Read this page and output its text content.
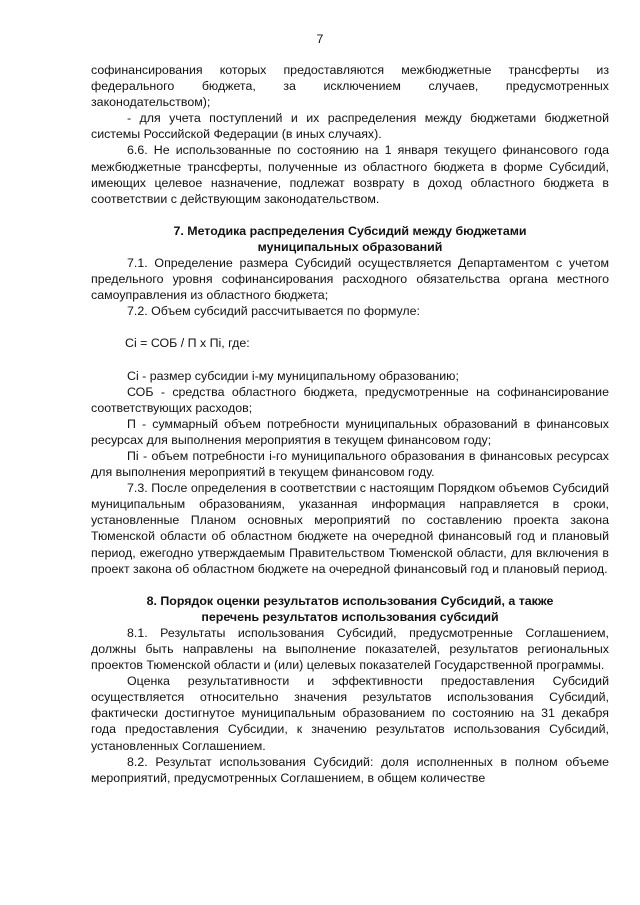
7

софинансирования которых предоставляются межбюджетные трансферты из федерального бюджета, за исключением случаев, предусмотренных законодательством);

- для учета поступлений и их распределения между бюджетами бюджетной системы Российской Федерации (в иных случаях).

6.6. Не использованные по состоянию на 1 января текущего финансового года межбюджетные трансферты, полученные из областного бюджета в форме Субсидий, имеющих целевое назначение, подлежат возврату в доход областного бюджета в соответствии с действующим законодательством.

7. Методика распределения Субсидий между бюджетами
муниципальных образований

7.1. Определение размера Субсидий осуществляется Департаментом с учетом предельного уровня софинансирования расходного обязательства органа местного самоуправления из областного бюджета;

7.2. Объем субсидий рассчитывается по формуле:

Ci = СОБ / П x Пi, где:

Ci - размер субсидии i-му муниципальному образованию;

СОБ - средства областного бюджета, предусмотренные на софинансирование соответствующих расходов;

П - суммарный объем потребности муниципальных образований в финансовых ресурсах для выполнения мероприятия в текущем финансовом году;

Пi - объем потребности i-го муниципального образования в финансовых ресурсах для выполнения мероприятий в текущем финансовом году.

7.3. После определения в соответствии с настоящим Порядком объемов Субсидий муниципальным образованиям, указанная информация направляется в сроки, установленные Планом основных мероприятий по составлению проекта закона Тюменской области об областном бюджете на очередной финансовый год и плановый период, ежегодно утверждаемым Правительством Тюменской области, для включения в проект закона об областном бюджете на очередной финансовый год и плановый период.

8. Порядок оценки результатов использования Субсидий, а также
перечень результатов использования субсидий

8.1. Результаты использования Субсидий, предусмотренные Соглашением, должны быть направлены на выполнение показателей, результатов региональных проектов Тюменской области и (или) целевых показателей Государственной программы.

Оценка результативности и эффективности предоставления Субсидий осуществляется относительно значения результатов использования Субсидий, фактически достигнутое муниципальным образованием по состоянию на 31 декабря года предоставления Субсидии, к значению результатов использования Субсидий, установленных Соглашением.

8.2. Результат использования Субсидий: доля исполненных в полном объеме мероприятий, предусмотренных Соглашением, в общем количестве
